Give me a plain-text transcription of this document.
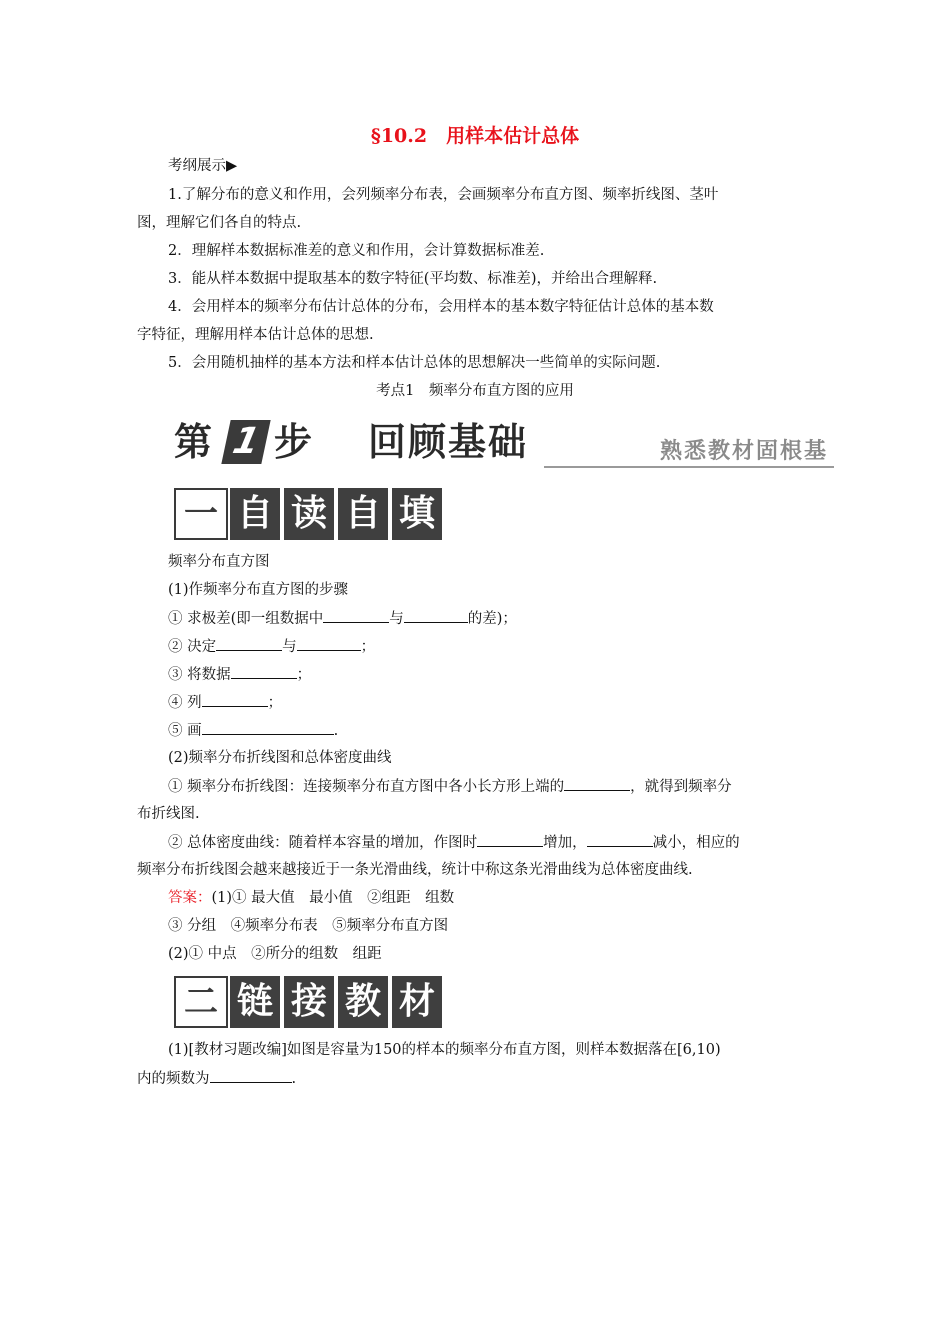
§10.2　用样本估计总体
考纲展示▶
1.了解分布的意义和作用，会列频率分布表，会画频率分布直方图、频率折线图、茎叶
图，理解它们各自的特点.
2．理解样本数据标准差的意义和作用，会计算数据标准差.
3．能从样本数据中提取基本的数字特征(平均数、标准差)，并给出合理解释.
4．会用样本的频率分布估计总体的分布，会用样本的基本数字特征估计总体的基本数
字特征，理解用样本估计总体的思想.
5．会用随机抽样的基本方法和样本估计总体的思想解决一些简单的实际问题.
考点1　频率分布直方图的应用
第 1 步 回顾基础	熟悉教材固根基
一 自 读 自 填
频率分布直方图
(1)作频率分布直方图的步骤
① 求极差(即一组数据中	与	的差)；
② 决定	与	；
③ 将数据	；
④ 列	；
⑤ 画	.
(2)频率分布折线图和总体密度曲线
① 频率分布折线图：连接频率分布直方图中各小长方形上端的	，就得到频率分
布折线图.
② 总体密度曲线：随着样本容量的增加，作图时	增加，	减小，相应的
频率分布折线图会越来越接近于一条光滑曲线，统计中称这条光滑曲线为总体密度曲线.
答案：(1)① 最大值　最小值　②组距　组数
③ 分组　④频率分布表　⑤频率分布直方图
(2)① 中点　②所分的组数　组距
二 链 接 教 材
(1)[教材习题改编]如图是容量为150的样本的频率分布直方图，则样本数据落在[6,10)
内的频数为	.
